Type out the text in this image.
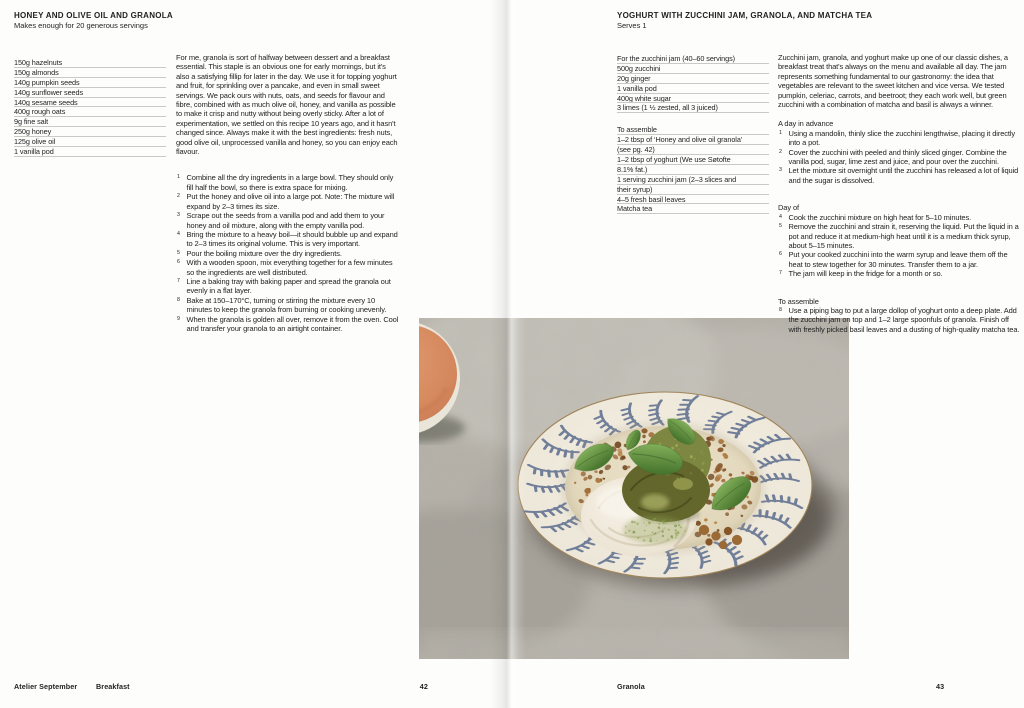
HONEY AND OLIVE OIL AND GRANOLA

Makes enough for 20 generous servings

150g hazelnuts
150g almonds
140g pumpkin seeds
140g sunflower seeds
140g sesame seeds
400g rough oats
9g fine salt
250g honey
125g olive oil
1 vanilla pod

For me, granola is sort of halfway between dessert and a breakfast essential. This staple is an obvious one for early mornings, but it's also a satisfying fillip for later in the day. We use it for topping yoghurt and fruit, for sprinkling over a pancake, and even in small sweet servings. We pack ours with nuts, oats, and seeds for flavour and fibre, combined with as much olive oil, honey, and vanilla as possible to make it crisp and nutty without being overly sticky. After a lot of experimentation, we settled on this recipe 10 years ago, and it hasn't changed since. Always make it with the best ingredients: fresh nuts, good olive oil, unprocessed vanilla and honey, so you can enjoy each flavour.

1 Combine all the dry ingredients in a large bowl. They should only fill half the bowl, so there is extra space for mixing.
2 Put the honey and olive oil into a large pot. Note: The mixture will expand by 2–3 times its size.
3 Scrape out the seeds from a vanilla pod and add them to your honey and oil mixture, along with the empty vanilla pod.
4 Bring the mixture to a heavy boil—it should bubble up and expand to 2–3 times its original volume. This is very important.
5 Pour the boiling mixture over the dry ingredients.
6 With a wooden spoon, mix everything together for a few minutes so the ingredients are well distributed.
7 Line a baking tray with baking paper and spread the granola out evenly in a flat layer.
8 Bake at 150–170°C, turning or stirring the mixture every 10 minutes to keep the granola from burning or cooking unevenly.
9 When the granola is golden all over, remove it from the oven. Cool and transfer your granola to an airtight container.
YOGHURT WITH ZUCCHINI JAM, GRANOLA, AND MATCHA TEA

Serves 1

For the zucchini jam (40–60 servings)
500g zucchini
20g ginger
1 vanilla pod
400g white sugar
3 limes (1 ½ zested, all 3 juiced)
To assemble
1–2 tbsp of ‘Honey and olive oil granola’
(see pg. 42)
1–2 tbsp of yoghurt (We use Søtofte
8.1% fat.)
1 serving zucchini jam (2–3 slices and
their syrup)
4–5 fresh basil leaves
Matcha tea

Zucchini jam, granola, and yoghurt make up one of our classic dishes, a breakfast treat that's always on the menu and available all day. The jam represents something fundamental to our gastronomy: the idea that vegetables are relevant to the sweet kitchen and vice versa. We tested pumpkin, celeriac, carrots, and beetroot; they each work well, but green zucchini with a combination of matcha and basil is always a winner.

A day in advance
1 Using a mandolin, thinly slice the zucchini lengthwise, placing it directly into a pot.
2 Cover the zucchini with peeled and thinly sliced ginger. Combine the vanilla pod, sugar, lime zest and juice, and pour over the zucchini.
3 Let the mixture sit overnight until the zucchini has released a lot of liquid and the sugar is dissolved.
Day of
4 Cook the zucchini mixture on high heat for 5–10 minutes.
5 Remove the zucchini and strain it, reserving the liquid. Put the liquid in a pot and reduce it at medium-high heat until it is a medium thick syrup, about 5–15 minutes.
6 Put your cooked zucchini into the warm syrup and leave them off the heat to stew together for 30 minutes. Transfer them to a jar.
7 The jam will keep in the fridge for a month or so.
To assemble
8 Use a piping bag to put a large dollop of yoghurt onto a deep plate. Add the zucchini jam on top and 1–2 large spoonfuls of granola. Finish off with freshly picked basil leaves and a dusting of high-quality matcha tea.
Atelier September	Breakfast	42	Granola	43
